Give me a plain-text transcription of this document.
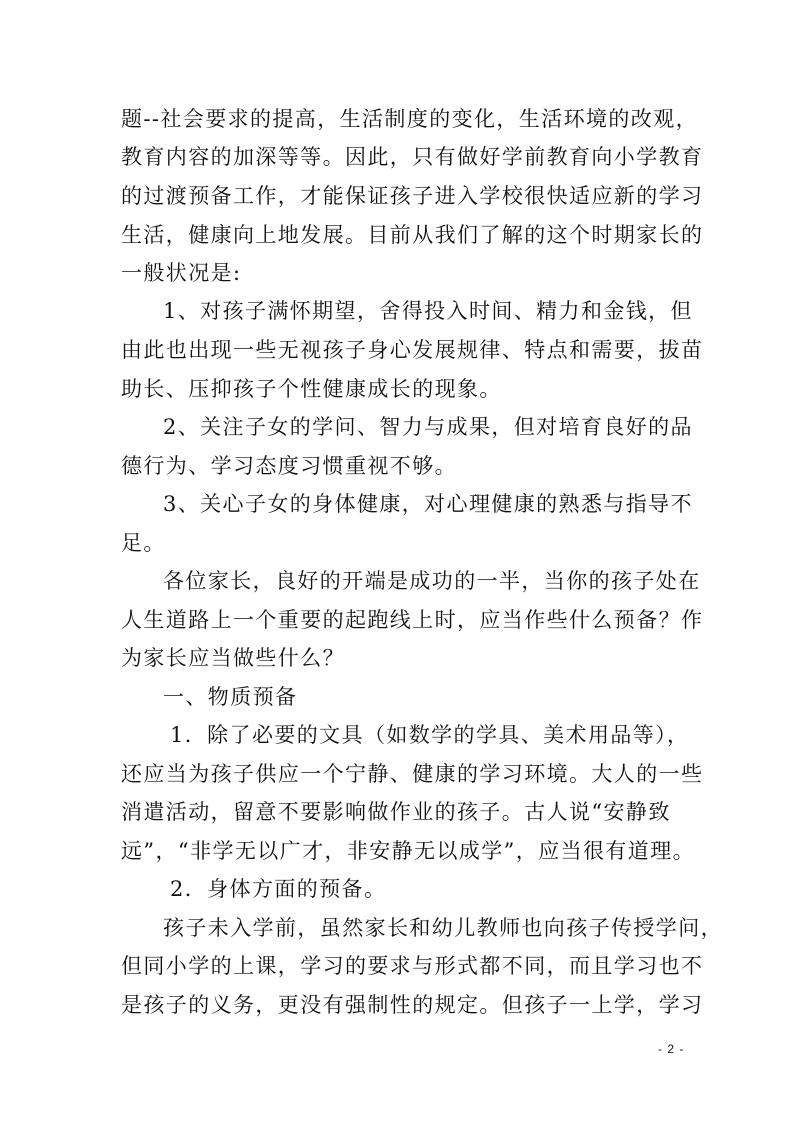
题--社会要求的提高，生活制度的变化，生活环境的改观，
教育内容的加深等等。因此，只有做好学前教育向小学教育
的过渡预备工作，才能保证孩子进入学校很快适应新的学习
生活，健康向上地发展。目前从我们了解的这个时期家长的
一般状况是:
1、对孩子满怀期望，舍得投入时间、精力和金钱，但
由此也出现一些无视孩子身心发展规律、特点和需要，拔苗
助长、压抑孩子个性健康成长的现象。
2、关注子女的学问、智力与成果，但对培育良好的品
德行为、学习态度习惯重视不够。
3、关心子女的身体健康，对心理健康的熟悉与指导不
足。
各位家长，良好的开端是成功的一半，当你的孩子处在
人生道路上一个重要的起跑线上时，应当作些什么预备？作
为家长应当做些什么？
一、物质预备
1．除了必要的文具（如数学的学具、美术用品等），
还应当为孩子供应一个宁静、健康的学习环境。大人的一些
消遣活动，留意不要影响做作业的孩子。古人说“安静致
远”，“非学无以广才，非安静无以成学”，应当很有道理。
2．身体方面的预备。
孩子未入学前，虽然家长和幼儿教师也向孩子传授学问，
但同小学的上课，学习的要求与形式都不同，而且学习也不
是孩子的义务，更没有强制性的规定。但孩子一上学，学习
- 2 -
